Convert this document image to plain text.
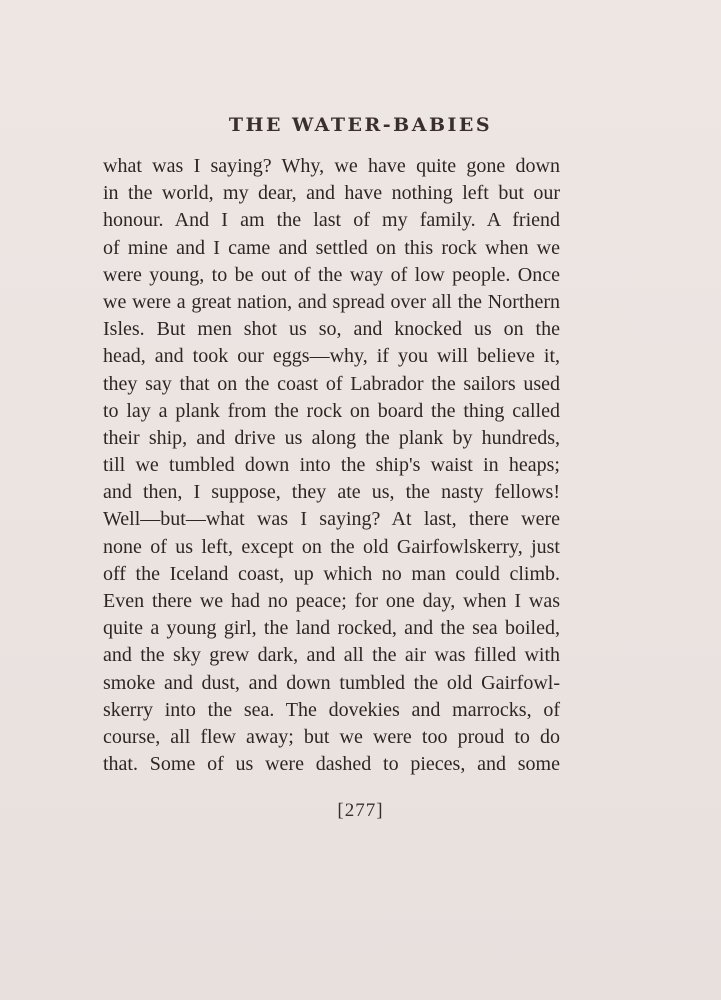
THE WATER-BABIES
what was I saying? Why, we have quite gone down
in the world, my dear, and have nothing left but our
honour. And I am the last of my family. A friend
of mine and I came and settled on this rock when we
were young, to be out of the way of low people. Once
we were a great nation, and spread over all the Northern
Isles. But men shot us so, and knocked us on the
head, and took our eggs—why, if you will believe it,
they say that on the coast of Labrador the sailors used
to lay a plank from the rock on board the thing called
their ship, and drive us along the plank by hundreds,
till we tumbled down into the ship's waist in heaps;
and then, I suppose, they ate us, the nasty fellows!
Well—but—what was I saying? At last, there were
none of us left, except on the old Gairfowlskerry, just
off the Iceland coast, up which no man could climb.
Even there we had no peace; for one day, when I was
quite a young girl, the land rocked, and the sea boiled,
and the sky grew dark, and all the air was filled with
smoke and dust, and down tumbled the old Gairfowl-
skerry into the sea. The dovekies and marrocks, of
course, all flew away; but we were too proud to do
that. Some of us were dashed to pieces, and some
[277]
